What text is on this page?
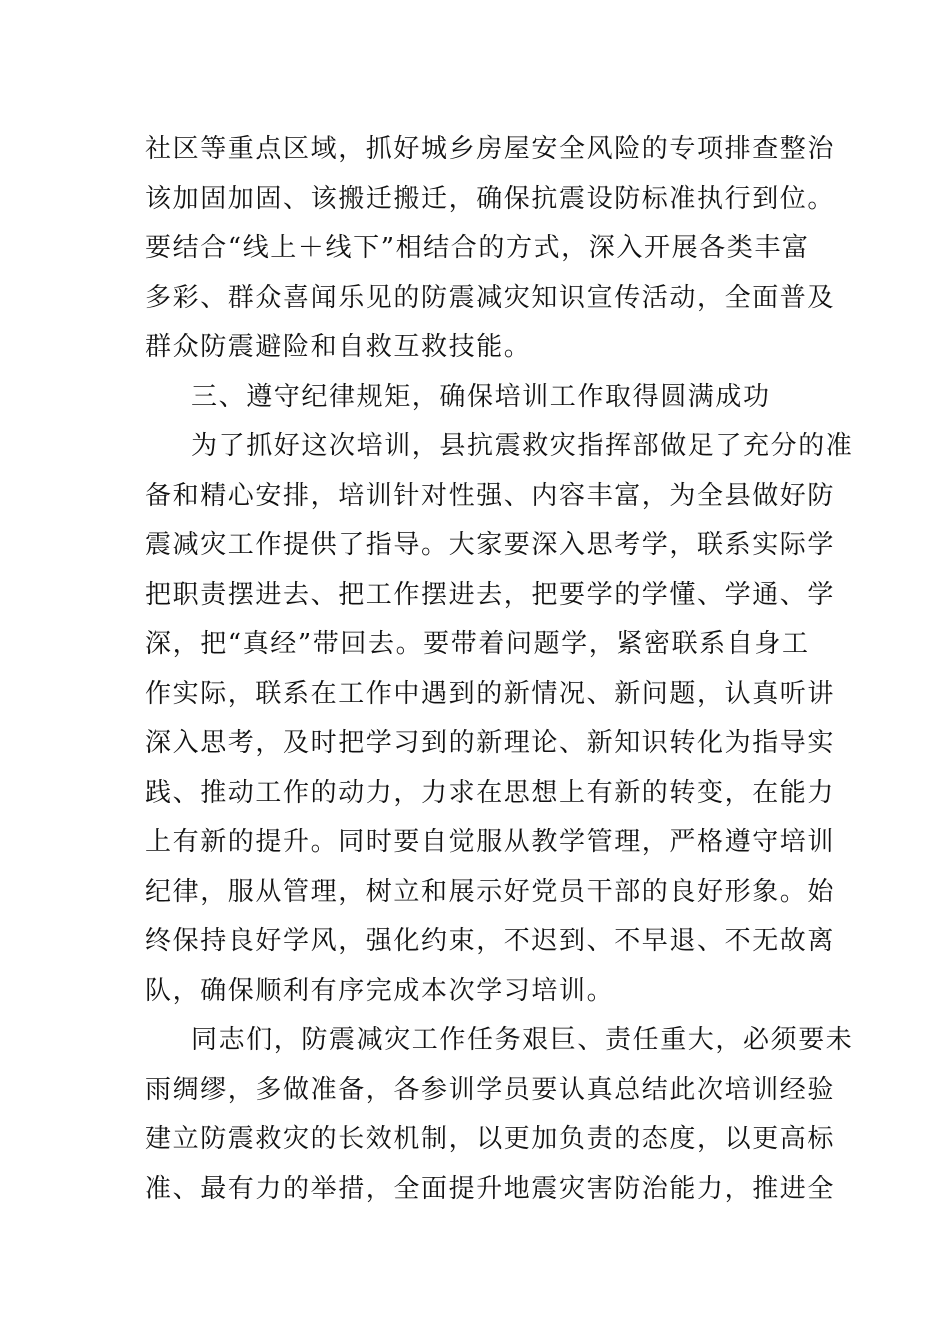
社区等重点区域，抓好城乡房屋安全风险的专项排查整治
该加固加固、该搬迁搬迁，确保抗震设防标准执行到位。
要结合“线上＋线下”相结合的方式，深入开展各类丰富
多彩、群众喜闻乐见的防震减灾知识宣传活动，全面普及
群众防震避险和自救互救技能。
三、遵守纪律规矩，确保培训工作取得圆满成功
为了抓好这次培训，县抗震救灾指挥部做足了充分的准
备和精心安排，培训针对性强、内容丰富，为全县做好防
震减灾工作提供了指导。大家要深入思考学，联系实际学
把职责摆进去、把工作摆进去，把要学的学懂、学通、学
深，把“真经”带回去。要带着问题学，紧密联系自身工
作实际，联系在工作中遇到的新情况、新问题，认真听讲
深入思考，及时把学习到的新理论、新知识转化为指导实
践、推动工作的动力，力求在思想上有新的转变，在能力
上有新的提升。同时要自觉服从教学管理，严格遵守培训
纪律，服从管理，树立和展示好党员干部的良好形象。始
终保持良好学风，强化约束，不迟到、不早退、不无故离
队，确保顺利有序完成本次学习培训。
同志们，防震减灾工作任务艰巨、责任重大，必须要未
雨绸缪，多做准备，各参训学员要认真总结此次培训经验
建立防震救灾的长效机制，以更加负责的态度，以更高标
准、最有力的举措，全面提升地震灾害防治能力，推进全
